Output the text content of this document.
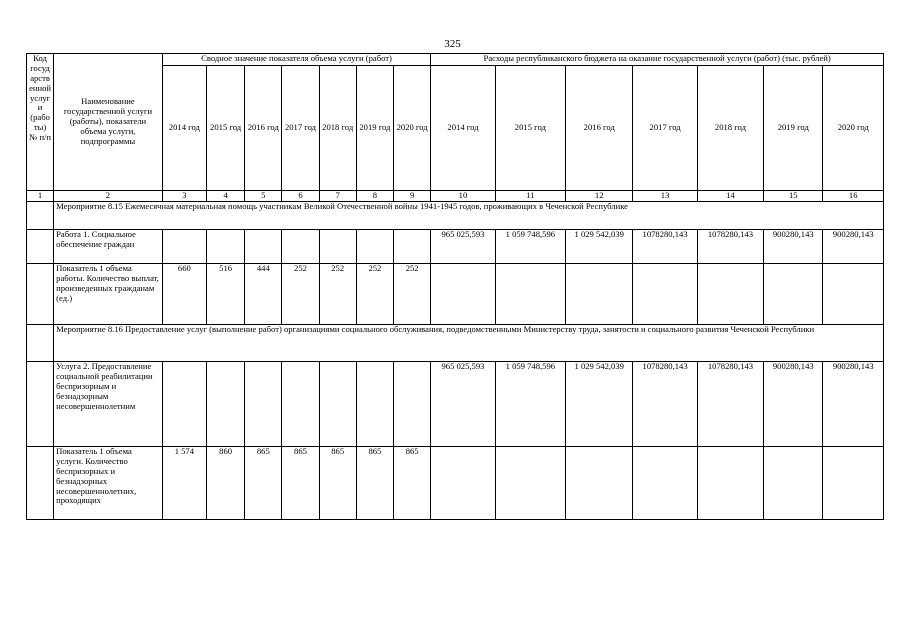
325
Код государственной услуги (работы) № п/п	Наименование государственной услуги (работы), показатели объема услуги, подпрограммы	Сводное значение показателя объема услуги (работ)							Расходы республиканского бюджета на оказание государственной услуги (работ) (тыс. рублей)						
		2014 год	2015 год	2016 год	2017 год	2018 год	2019 год	2020 год	2014 год	2015 год	2016 год	2017 год	2018 год	2019 год	2020 год
1	2	3	4	5	6	7	8	9	10	11	12	13	14	15	16
	Мероприятие 8.15 Ежемесячная материальная помощь участникам Великой Отечественной войны 1941-1945 годов, проживающих в Чеченской Республике														
	Работа 1. Социальное обеспечение граждан								965 025,593	1 059 748,596	1 029 542,039	1078280,143	1078280,143	900280,143	900280,143
	Показатель 1 объема работы. Количество выплат, произведенных гражданам (ед.)	660	516	444	252	252	252	252							
	Мероприятие 8.16 Предоставление услуг (выполнение работ) организациями социального обслуживания, подведомственными Министерству труда, занятости и социального развития Чеченской Республики														
	Услуга 2. Предоставление социальной реабилитации беспризорным и безнадзорным несовершеннолетним								965 025,593	1 059 748,596	1 029 542,039	1078280,143	1078280,143	900280,143	900280,143
	Показатель 1 объема услуги. Количество беспризорных и безнадзорных несовершеннолетних, проходящих	1 574	860	865	865	865	865	865							
